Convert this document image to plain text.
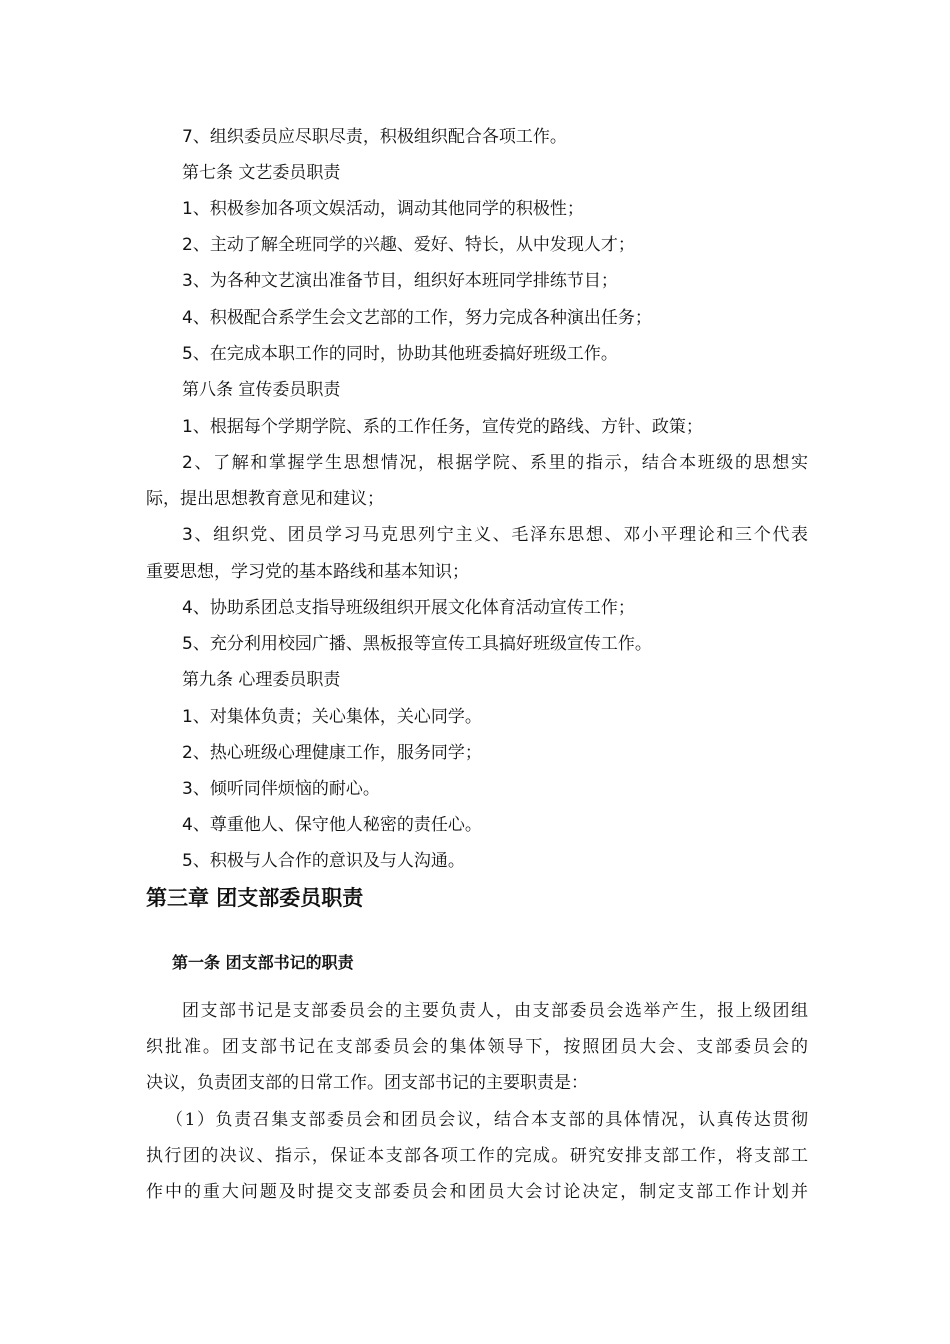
7、组织委员应尽职尽责，积极组织配合各项工作。
第七条 文艺委员职责
1、积极参加各项文娱活动，调动其他同学的积极性；
2、主动了解全班同学的兴趣、爱好、特长，从中发现人才；
3、为各种文艺演出准备节目，组织好本班同学排练节目；
4、积极配合系学生会文艺部的工作，努力完成各种演出任务；
5、在完成本职工作的同时，协助其他班委搞好班级工作。
第八条 宣传委员职责
1、根据每个学期学院、系的工作任务，宣传党的路线、方针、政策；
2、了解和掌握学生思想情况，根据学院、系里的指示，结合本班级的思想实
际，提出思想教育意见和建议；
3、组织党、团员学习马克思列宁主义、毛泽东思想、邓小平理论和三个代表
重要思想，学习党的基本路线和基本知识；
4、协助系团总支指导班级组织开展文化体育活动宣传工作；
5、充分利用校园广播、黑板报等宣传工具搞好班级宣传工作。
第九条 心理委员职责
1、对集体负责；关心集体，关心同学。
2、热心班级心理健康工作，服务同学；
3、倾听同伴烦恼的耐心。
4、尊重他人、保守他人秘密的责任心。
5、积极与人合作的意识及与人沟通。
第三章 团支部委员职责
第一条 团支部书记的职责
团支部书记是支部委员会的主要负责人，由支部委员会选举产生，报上级团组
织批准。团支部书记在支部委员会的集体领导下，按照团员大会、支部委员会的
决议，负责团支部的日常工作。团支部书记的主要职责是：
（1）负责召集支部委员会和团员会议，结合本支部的具体情况，认真传达贯彻
执行团的决议、指示，保证本支部各项工作的完成。研究安排支部工作，将支部工
作中的重大问题及时提交支部委员会和团员大会讨论决定，制定支部工作计划并
